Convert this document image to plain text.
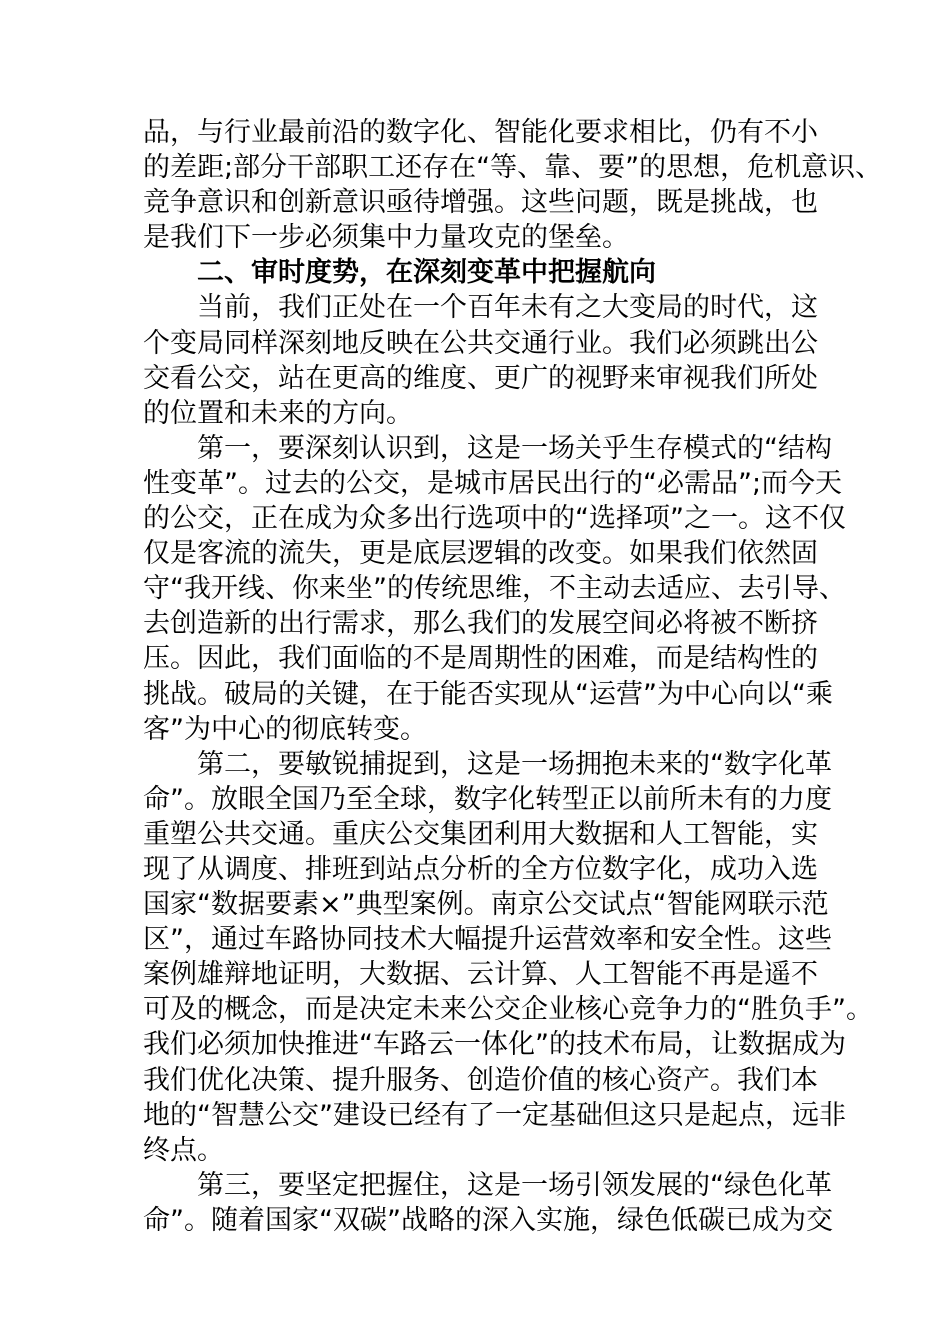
品，与行业最前沿的数字化、智能化要求相比，仍有不小
的差距;部分干部职工还存在“等、靠、要”的思想，危机意识、
竞争意识和创新意识亟待增强。这些问题，既是挑战，也
是我们下一步必须集中力量攻克的堡垒。
二、审时度势，在深刻变革中把握航向
当前，我们正处在一个百年未有之大变局的时代，这
个变局同样深刻地反映在公共交通行业。我们必须跳出公
交看公交，站在更高的维度、更广的视野来审视我们所处
的位置和未来的方向。
第一，要深刻认识到，这是一场关乎生存模式的“结构
性变革”。过去的公交，是城市居民出行的“必需品”;而今天
的公交，正在成为众多出行选项中的“选择项”之一。这不仅
仅是客流的流失，更是底层逻辑的改变。如果我们依然固
守“我开线、你来坐”的传统思维，不主动去适应、去引导、
去创造新的出行需求，那么我们的发展空间必将被不断挤
压。因此，我们面临的不是周期性的困难，而是结构性的
挑战。破局的关键，在于能否实现从“运营”为中心向以“乘
客”为中心的彻底转变。
第二，要敏锐捕捉到，这是一场拥抱未来的“数字化革
命”。放眼全国乃至全球，数字化转型正以前所未有的力度
重塑公共交通。重庆公交集团利用大数据和人工智能，实
现了从调度、排班到站点分析的全方位数字化，成功入选
国家“数据要素×”典型案例。南京公交试点“智能网联示范
区”，通过车路协同技术大幅提升运营效率和安全性。这些
案例雄辩地证明，大数据、云计算、人工智能不再是遥不
可及的概念，而是决定未来公交企业核心竞争力的“胜负手”。
我们必须加快推进“车路云一体化”的技术布局，让数据成为
我们优化决策、提升服务、创造价值的核心资产。我们本
地的“智慧公交”建设已经有了一定基础但这只是起点，远非
终点。
第三，要坚定把握住，这是一场引领发展的“绿色化革
命”。随着国家“双碳”战略的深入实施，绿色低碳已成为交
